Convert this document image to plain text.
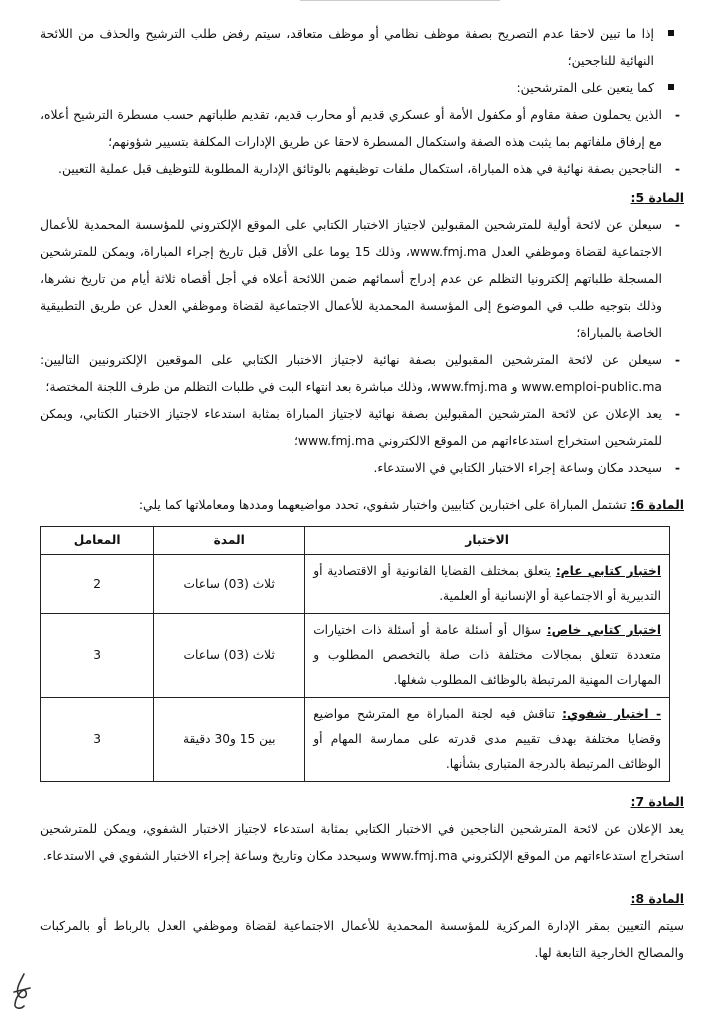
إذا ما تبين لاحقا عدم التصريح بصفة موظف نظامي أو موظف متعاقد، سيتم رفض طلب الترشيح والحذف من اللائحة النهائية للناجحين؛

كما يتعين على المترشحين:

- الذين يحملون صفة مقاوم أو مكفول الأمة أو عسكري قديم أو محارب قديم، تقديم طلباتهم حسب مسطرة الترشيح أعلاه، مع إرفاق ملفاتهم بما يثبت هذه الصفة واستكمال المسطرة لاحقا عن طريق الإدارات المكلفة بتسيير شؤونهم؛

- الناجحين بصفة نهائية في هذه المباراة، استكمال ملفات توظيفهم بالوثائق الإدارية المطلوبة للتوظيف قبل عملية التعيين.

المادة 5:

- سيعلن عن لائحة أولية للمترشحين المقبولين لاجتياز الاختبار الكتابي على الموقع الإلكتروني للمؤسسة المحمدية للأعمال الاجتماعية لقضاة وموظفي العدل www.fmj.ma، وذلك 15 يوما على الأقل قبل تاريخ إجراء المباراة، ويمكن للمترشحين المسجلة طلباتهم إلكترونيا التظلم عن عدم إدراج أسمائهم ضمن اللائحة أعلاه في أجل أقصاه ثلاثة أيام من تاريخ نشرها، وذلك بتوجيه طلب في الموضوع إلى المؤسسة المحمدية للأعمال الاجتماعية لقضاة وموظفي العدل عن طريق التطبيقية الخاصة بالمباراة؛

- سيعلن عن لائحة المترشحين المقبولين بصفة نهائية لاجتياز الاختبار الكتابي على الموقعين الإلكترونيين التاليين: www.emploi-public.ma و www.fmj.ma، وذلك مباشرة بعد انتهاء البت في طلبات التظلم من طرف اللجنة المختصة؛

- يعد الإعلان عن لائحة المترشحين المقبولين بصفة نهائية لاجتياز المباراة بمثابة استدعاء لاجتياز الاختبار الكتابي، ويمكن للمترشحين استخراج استدعاءاتهم من الموقع الالكتروني www.fmj.ma؛

- سيحدد مكان وساعة إجراء الاختبار الكتابي في الاستدعاء.

المادة 6: تشتمل المباراة على اختبارين كتابيين واختبار شفوي، تحدد مواضيعهما ومددها ومعاملاتها كما يلي:

الاختبار	المدة	المعامل
اختبار كتابي عام: يتعلق بمختلف القضايا القانونية أو الاقتصادية أو التدبيرية أو الاجتماعية أو الإنسانية أو العلمية.	ثلاث (03) ساعات	2
اختبار كتابي خاص: سؤال أو أسئلة عامة أو أسئلة ذات اختيارات متعددة تتعلق بمجالات مختلفة ذات صلة بالتخصص المطلوب و المهارات المهنية المرتبطة بالوظائف المطلوب شغلها.	ثلاث (03) ساعات	3
- اختبار شفوي: تناقش فيه لجنة المباراة مع المترشح مواضيع وقضايا مختلفة بهدف تقييم مدى قدرته على ممارسة المهام أو الوظائف المرتبطة بالدرجة المتبارى بشأنها.	بين 15 و30 دقيقة	3

المادة 7:

يعد الإعلان عن لائحة المترشحين الناجحين في الاختبار الكتابي بمثابة استدعاء لاجتياز الاختبار الشفوي، ويمكن للمترشحين استخراج استدعاءاتهم من الموقع الإلكتروني www.fmj.ma وسيحدد مكان وتاريخ وساعة إجراء الاختبار الشفوي في الاستدعاء.

المادة 8:

سيتم التعيين بمقر الإدارة المركزية للمؤسسة المحمدية للأعمال الاجتماعية لقضاة وموظفي العدل بالرباط أو بالمركبات والمصالح الخارجية التابعة لها.
